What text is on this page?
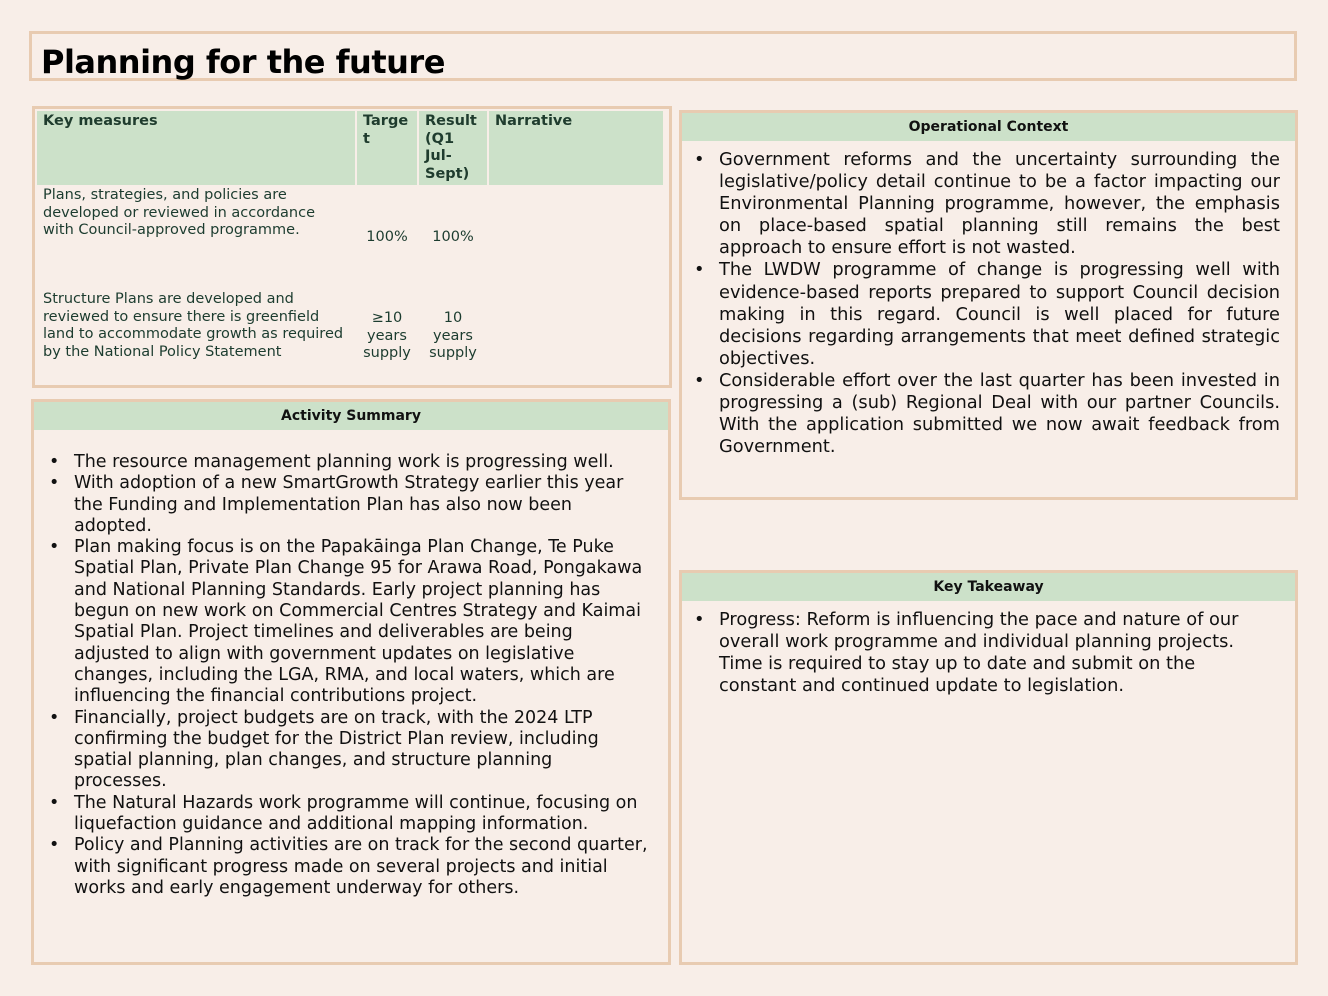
Planning for the future
Key measures	Targe t	Result (Q1 Jul- Sept)	Narrative
Plans, strategies, and policies are developed or reviewed in accordance with Council-approved programme.	100%	100%	
Structure Plans are developed and reviewed to ensure there is greenfield land to accommodate growth as required by the National Policy Statement	≥10 years supply	10 years supply	
Activity Summary
• The resource management planning work is progressing well.
• With adoption of a new SmartGrowth Strategy earlier this year the Funding and Implementation Plan has also now been adopted.
• Plan making focus is on the Papakāinga Plan Change, Te Puke Spatial Plan, Private Plan Change 95 for Arawa Road, Pongakawa and National Planning Standards. Early project planning has begun on new work on Commercial Centres Strategy and Kaimai Spatial Plan. Project timelines and deliverables are being adjusted to align with government updates on legislative changes, including the LGA, RMA, and local waters, which are influencing the financial contributions project.
• Financially, project budgets are on track, with the 2024 LTP confirming the budget for the District Plan review, including spatial planning, plan changes, and structure planning processes.
• The Natural Hazards work programme will continue, focusing on liquefaction guidance and additional mapping information.
• Policy and Planning activities are on track for the second quarter, with significant progress made on several projects and initial works and early engagement underway for others.
Operational Context
• Government reforms and the uncertainty surrounding the legislative/policy detail continue to be a factor impacting our Environmental Planning programme, however, the emphasis on place-based spatial planning still remains the best approach to ensure effort is not wasted.
• The LWDW programme of change is progressing well with evidence-based reports prepared to support Council decision making in this regard. Council is well placed for future decisions regarding arrangements that meet defined strategic objectives.
• Considerable effort over the last quarter has been invested in progressing a (sub) Regional Deal with our partner Councils. With the application submitted we now await feedback from Government.
Key Takeaway
• Progress: Reform is influencing the pace and nature of our overall work programme and individual planning projects. Time is required to stay up to date and submit on the constant and continued update to legislation.
